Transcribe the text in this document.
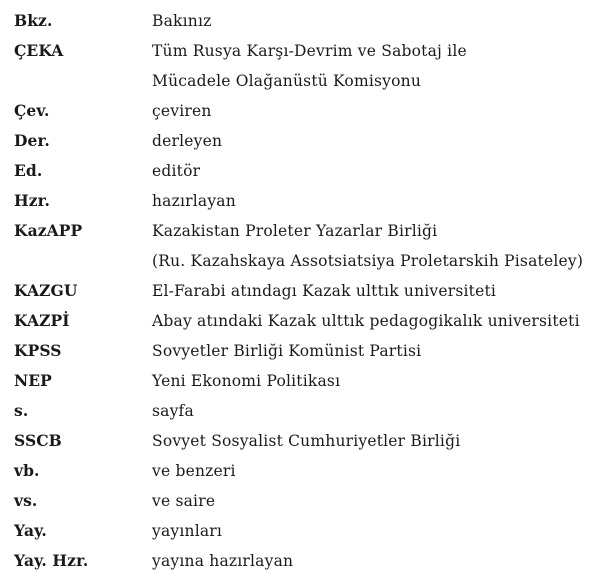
Bkz.	Bakınız
ÇEKA	Tüm Rusya Karşı-Devrim ve Sabotaj ile
Mücadele Olağanüstü Komisyonu
Çev.	çeviren
Der.	derleyen
Ed.	editör
Hzr.	hazırlayan
KazAPP	Kazakistan Proleter Yazarlar Birliği
(Ru. Kazahskaya Assotsiatsiya Proletarskih Pisateley)
KAZGU	El-Farabi atındagı Kazak ulttık universiteti
KAZPİ	Abay atındaki Kazak ulttık pedagogikalık universiteti
KPSS	Sovyetler Birliği Komünist Partisi
NEP	Yeni Ekonomi Politikası
s.	sayfa
SSCB	Sovyet Sosyalist Cumhuriyetler Birliği
vb.	ve benzeri
vs.	ve saire
Yay.	yayınları
Yay. Hzr.	yayına hazırlayan
